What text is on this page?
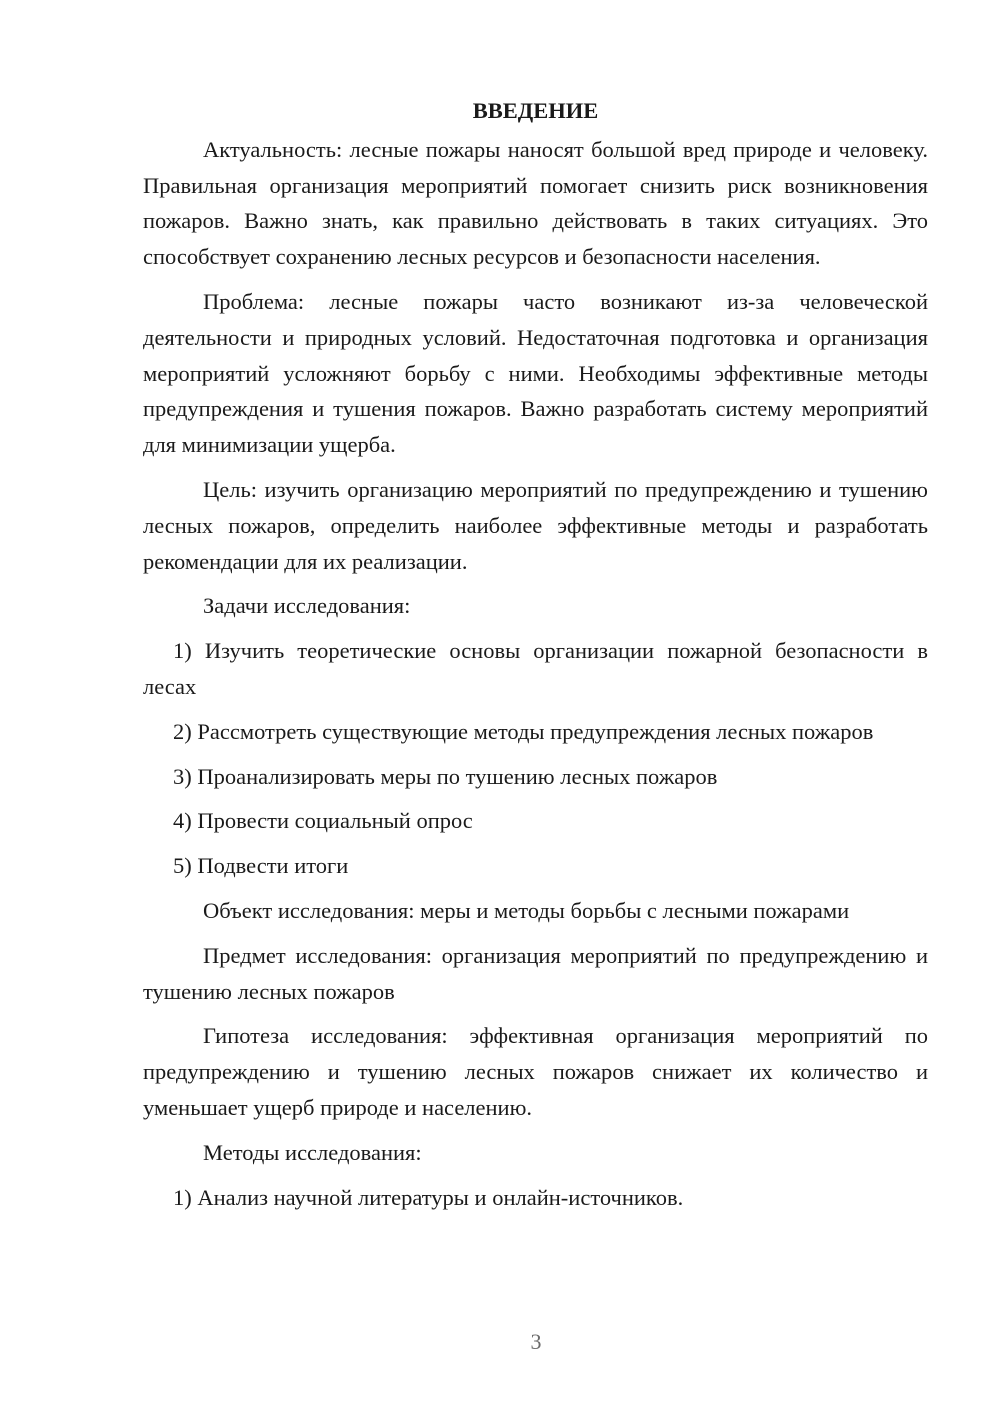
ВВЕДЕНИЕ

Актуальность: лесные пожары наносят большой вред природе и человеку. Правильная организация мероприятий помогает снизить риск возникновения пожаров. Важно знать, как правильно действовать в таких ситуациях. Это способствует сохранению лесных ресурсов и безопасности населения.

Проблема: лесные пожары часто возникают из-за человеческой деятельности и природных условий. Недостаточная подготовка и организация мероприятий усложняют борьбу с ними. Необходимы эффективные методы предупреждения и тушения пожаров. Важно разработать систему мероприятий для минимизации ущерба.

Цель: изучить организацию мероприятий по предупреждению и тушению лесных пожаров, определить наиболее эффективные методы и разработать рекомендации для их реализации.

Задачи исследования:

1) Изучить теоретические основы организации пожарной безопасности в лесах

2) Рассмотреть существующие методы предупреждения лесных пожаров

3) Проанализировать меры по тушению лесных пожаров

4) Провести социальный опрос

5) Подвести итоги

Объект исследования: меры и методы борьбы с лесными пожарами

Предмет исследования: организация мероприятий по предупреждению и тушению лесных пожаров

Гипотеза исследования: эффективная организация мероприятий по предупреждению и тушению лесных пожаров снижает их количество и уменьшает ущерб природе и населению.

Методы исследования:

1) Анализ научной литературы и онлайн-источников.

3
